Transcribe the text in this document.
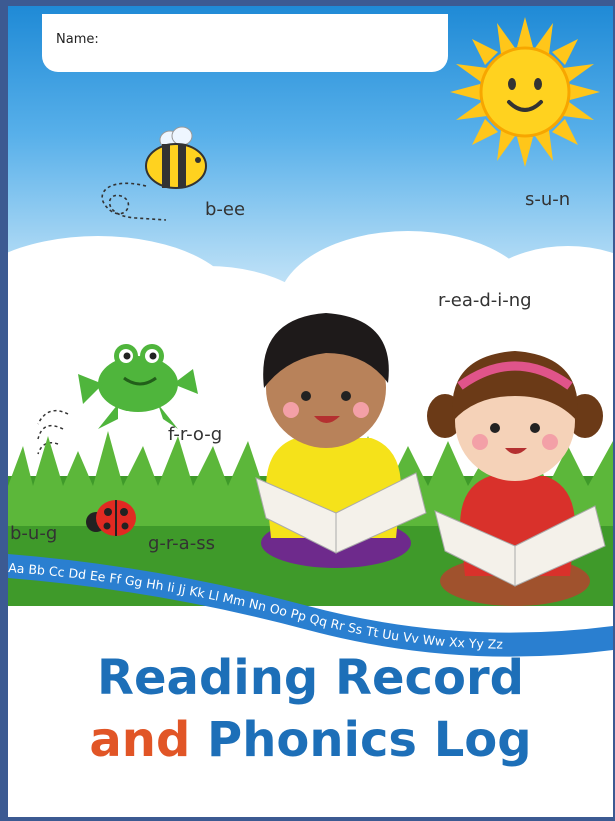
Aa Bb Cc Dd Ee Ff Gg Hh Ii Jj Kk Ll Mm Nn Oo Pp Qq Rr Ss Tt Uu Vv Ww Xx Yy Zz
Name:
b-ee	s-u-n
r-ea-d-i-ng
f-r-o-g
b-u-g	g-r-a-ss
Reading Record
and Phonics Log
